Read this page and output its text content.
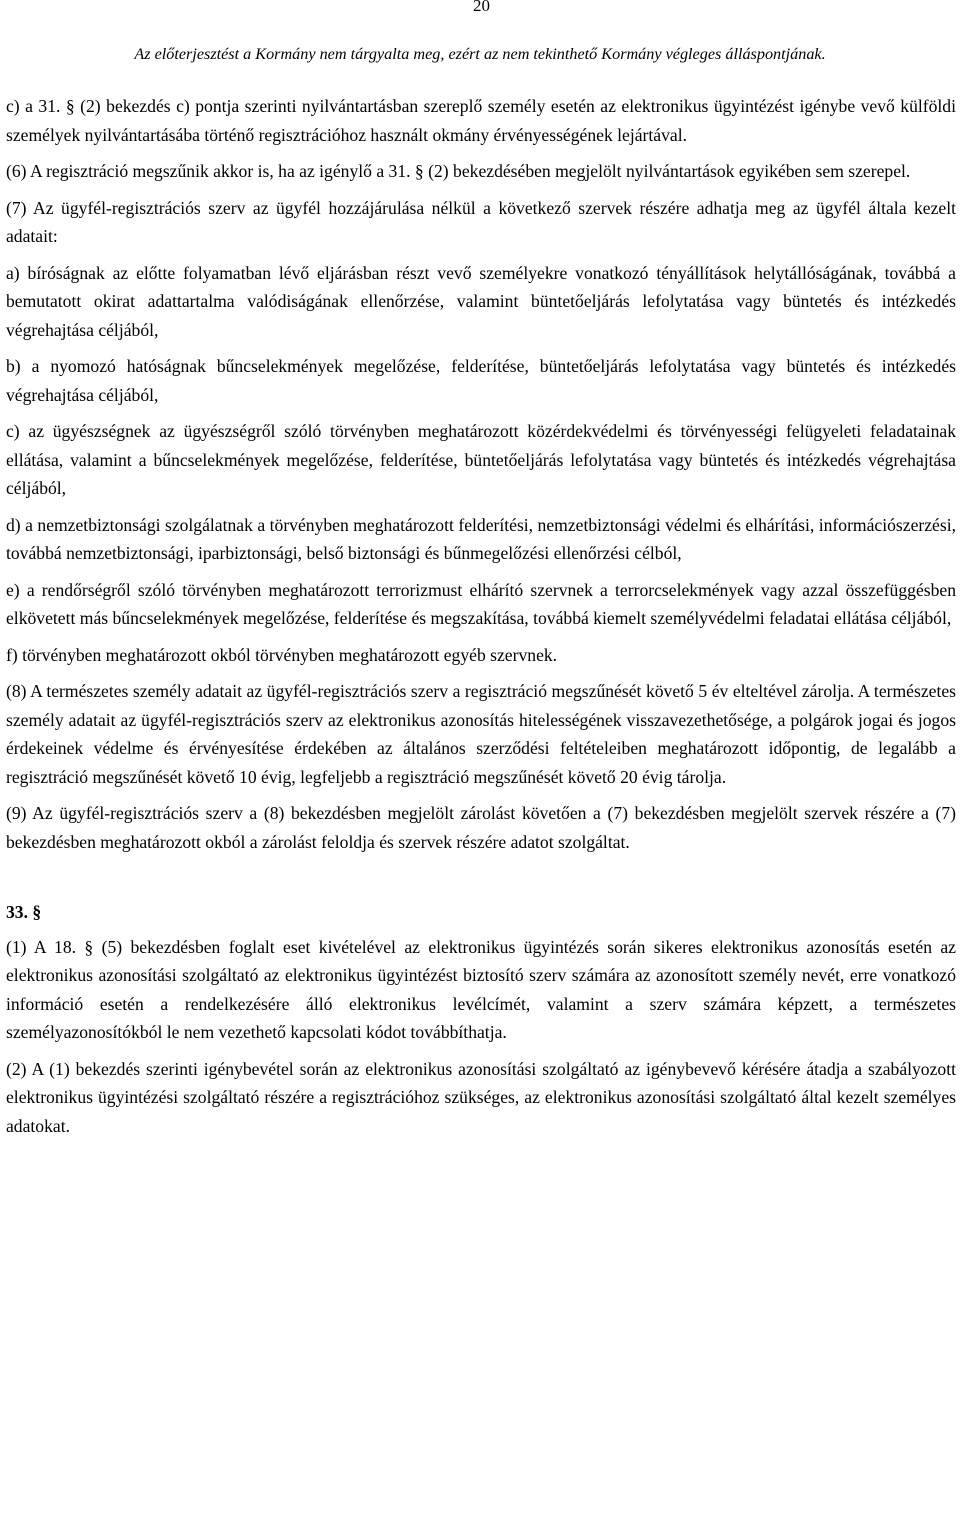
20
Az előterjesztést a Kormány nem tárgyalta meg, ezért az nem tekinthető Kormány végleges álláspontjának.

c) a 31. § (2) bekezdés c) pontja szerinti nyilvántartásban szereplő személy esetén az elektronikus ügyintézést igénybe vevő külföldi személyek nyilvántartásába történő regisztrációhoz használt okmány érvényességének lejártával.

(6) A regisztráció megszűnik akkor is, ha az igénylő a 31. § (2) bekezdésében megjelölt nyilvántartások egyikében sem szerepel.

(7) Az ügyfél-regisztrációs szerv az ügyfél hozzájárulása nélkül a következő szervek részére adhatja meg az ügyfél általa kezelt adatait:

a) bíróságnak az előtte folyamatban lévő eljárásban részt vevő személyekre vonatkozó tényállítások helytállóságának, továbbá a bemutatott okirat adattartalma valódiságának ellenőrzése, valamint büntetőeljárás lefolytatása vagy büntetés és intézkedés végrehajtása céljából,

b) a nyomozó hatóságnak bűncselekmények megelőzése, felderítése, büntetőeljárás lefolytatása vagy büntetés és intézkedés végrehajtása céljából,

c) az ügyészségnek az ügyészségről szóló törvényben meghatározott közérdekvédelmi és törvényességi felügyeleti feladatainak ellátása, valamint a bűncselekmények megelőzése, felderítése, büntetőeljárás lefolytatása vagy büntetés és intézkedés végrehajtása céljából,

d) a nemzetbiztonsági szolgálatnak a törvényben meghatározott felderítési, nemzetbiztonsági védelmi és elhárítási, információszerzési, továbbá nemzetbiztonsági, iparbiztonsági, belső biztonsági és bűnmegelőzési ellenőrzési célból,

e) a rendőrségről szóló törvényben meghatározott terrorizmust elhárító szervnek a terrorcselekmények vagy azzal összefüggésben elkövetett más bűncselekmények megelőzése, felderítése és megszakítása, továbbá kiemelt személyvédelmi feladatai ellátása céljából,

f) törvényben meghatározott okból törvényben meghatározott egyéb szervnek.

(8) A természetes személy adatait az ügyfél-regisztrációs szerv a regisztráció megszűnését követő 5 év elteltével zárolja. A természetes személy adatait az ügyfél-regisztrációs szerv az elektronikus azonosítás hitelességének visszavezethetősége, a polgárok jogai és jogos érdekeinek védelme és érvényesítése érdekében az általános szerződési feltételeiben meghatározott időpontig, de legalább a regisztráció megszűnését követő 10 évig, legfeljebb a regisztráció megszűnését követő 20 évig tárolja.

(9) Az ügyfél-regisztrációs szerv a (8) bekezdésben megjelölt zárolást követően a (7) bekezdésben megjelölt szervek részére a (7) bekezdésben meghatározott okból a zárolást feloldja és szervek részére adatot szolgáltat.

33. §

(1) A 18. § (5) bekezdésben foglalt eset kivételével az elektronikus ügyintézés során sikeres elektronikus azonosítás esetén az elektronikus azonosítási szolgáltató az elektronikus ügyintézést biztosító szerv számára az azonosított személy nevét, erre vonatkozó információ esetén a rendelkezésére álló elektronikus levélcímét, valamint a szerv számára képzett, a természetes személyazonosítókból le nem vezethető kapcsolati kódot továbbíthatja.

(2) A (1) bekezdés szerinti igénybevétel során az elektronikus azonosítási szolgáltató az igénybevevő kérésére átadja a szabályozott elektronikus ügyintézési szolgáltató részére a regisztrációhoz szükséges, az elektronikus azonosítási szolgáltató által kezelt személyes adatokat.
